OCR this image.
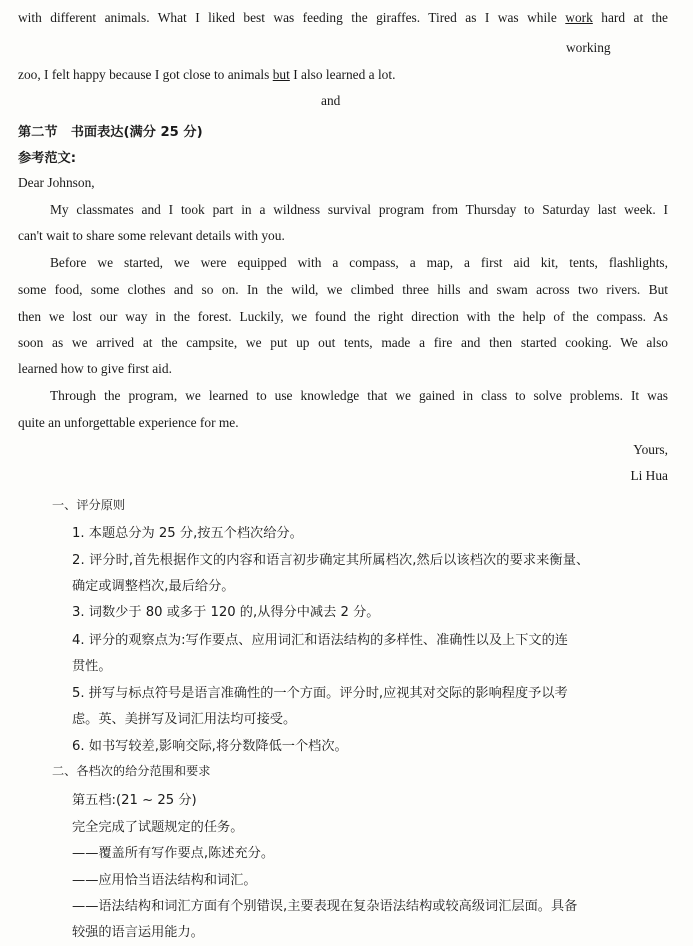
with different animals. What I liked best was feeding the giraffes. Tired as I was while work hard at the
working
zoo, I felt happy because I got close to animals but I also learned a lot.
and
第二节　书面表达(满分 25 分)
参考范文:
Dear Johnson,
My classmates and I took part in a wildness survival program from Thursday to Saturday last week. I
can't wait to share some relevant details with you.
Before we started, we were equipped with a compass, a map, a first aid kit, tents, flashlights,
some food, some clothes and so on. In the wild, we climbed three hills and swam across two rivers. But
then we lost our way in the forest. Luckily, we found the right direction with the help of the compass. As
soon as we arrived at the campsite, we put up out tents, made a fire and then started cooking. We also
learned how to give first aid.
Through the program, we learned to use knowledge that we gained in class to solve problems. It was
quite an unforgettable experience for me.
Yours,
Li Hua
一、评分原则
1. 本题总分为 25 分,按五个档次给分。
2. 评分时,首先根据作文的内容和语言初步确定其所属档次,然后以该档次的要求来衡量、
确定或调整档次,最后给分。
3. 词数少于 80 或多于 120 的,从得分中减去 2 分。
4. 评分的观察点为:写作要点、应用词汇和语法结构的多样性、准确性以及上下文的连
贯性。
5. 拼写与标点符号是语言准确性的一个方面。评分时,应视其对交际的影响程度予以考
虑。英、美拼写及词汇用法均可接受。
6. 如书写较差,影响交际,将分数降低一个档次。
二、各档次的给分范围和要求
第五档:(21 ~ 25 分)
完全完成了试题规定的任务。
——覆盖所有写作要点,陈述充分。
——应用恰当语法结构和词汇。
——语法结构和词汇方面有个别错误,主要表现在复杂语法结构或较高级词汇层面。具备
较强的语言运用能力。
